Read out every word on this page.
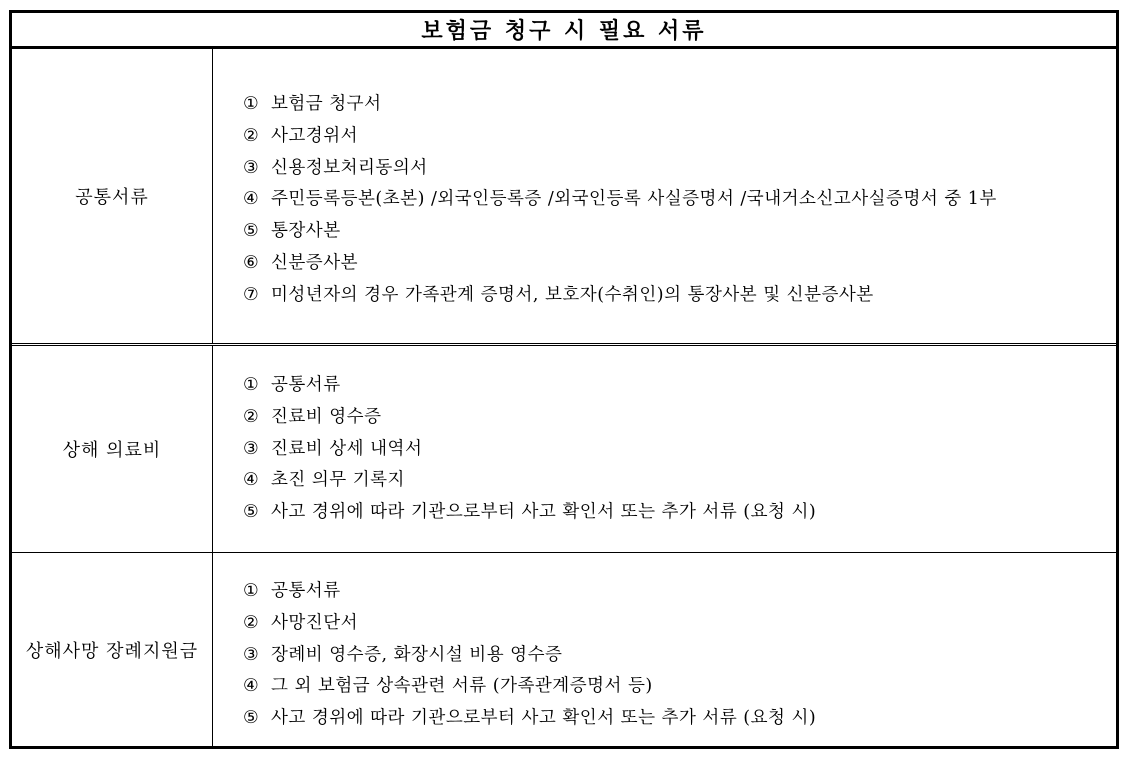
보험금 청구 시 필요 서류
공통서류
① 보험금 청구서
② 사고경위서
③ 신용정보처리동의서
④ 주민등록등본(초본) /외국인등록증 /외국인등록 사실증명서 /국내거소신고사실증명서 중 1부
⑤ 통장사본
⑥ 신분증사본
⑦ 미성년자의 경우 가족관계 증명서, 보호자(수취인)의 통장사본 및 신분증사본
상해 의료비
① 공통서류
② 진료비 영수증
③ 진료비 상세 내역서
④ 초진 의무 기록지
⑤ 사고 경위에 따라 기관으로부터 사고 확인서 또는 추가 서류 (요청 시)
상해사망 장례지원금
① 공통서류
② 사망진단서
③ 장례비 영수증, 화장시설 비용 영수증
④ 그 외 보험금 상속관련 서류 (가족관계증명서 등)
⑤ 사고 경위에 따라 기관으로부터 사고 확인서 또는 추가 서류 (요청 시)
